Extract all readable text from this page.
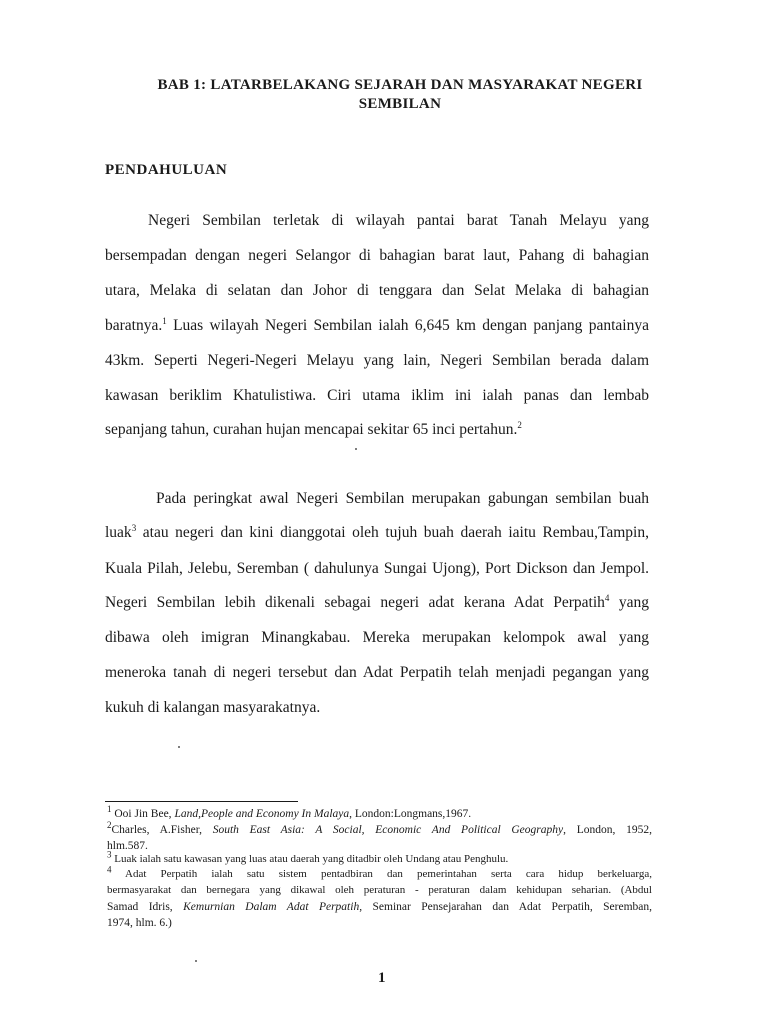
BAB 1: LATARBELAKANG SEJARAH DAN MASYARAKAT NEGERI
SEMBILAN
PENDAHULUAN
Negeri Sembilan terletak di wilayah pantai barat Tanah Melayu yang
bersempadan dengan negeri Selangor di bahagian barat laut, Pahang di bahagian
utara, Melaka di selatan dan Johor di tenggara dan Selat Melaka di bahagian
baratnya.$^1$ Luas wilayah Negeri Sembilan ialah 6,645 km dengan panjang pantainya
43km. Seperti Negeri-Negeri Melayu yang lain, Negeri Sembilan berada dalam
kawasan beriklim Khatulistiwa. Ciri utama iklim ini ialah panas dan lembab
sepanjang tahun, curahan hujan mencapai sekitar 65 inci pertahun.$^2$
Pada peringkat awal Negeri Sembilan merupakan gabungan sembilan buah
luak$^3$ atau negeri dan kini dianggotai oleh tujuh buah daerah iaitu Rembau,Tampin,
Kuala Pilah, Jelebu, Seremban ( dahulunya Sungai Ujong), Port Dickson dan Jempol.
Negeri Sembilan lebih dikenali sebagai negeri adat kerana Adat Perpatih$^4$ yang
dibawa oleh imigran Minangkabau. Mereka merupakan kelompok awal yang
meneroka tanah di negeri tersebut dan Adat Perpatih telah menjadi pegangan yang
kukuh di kalangan masyarakatnya.
$^1$ Ooi Jin Bee, Land,People and Economy In Malaya, London:Longmans,1967.
$^2$Charles, A.Fisher, South East Asia: A Social, Economic And Political Geography, London, 1952,
hlm.587.
$^3$ Luak ialah satu kawasan yang luas atau daerah yang ditadbir oleh Undang atau Penghulu.
$^4$ Adat Perpatih ialah satu sistem pentadbiran dan pemerintahan serta cara hidup berkeluarga,
bermasyarakat dan bernegara yang dikawal oleh peraturan - peraturan dalam kehidupan seharian. (Abdul
Samad Idris, Kemurnian Dalam Adat Perpatih, Seminar Pensejarahan dan Adat Perpatih, Seremban,
1974, hlm. 6.)
1
